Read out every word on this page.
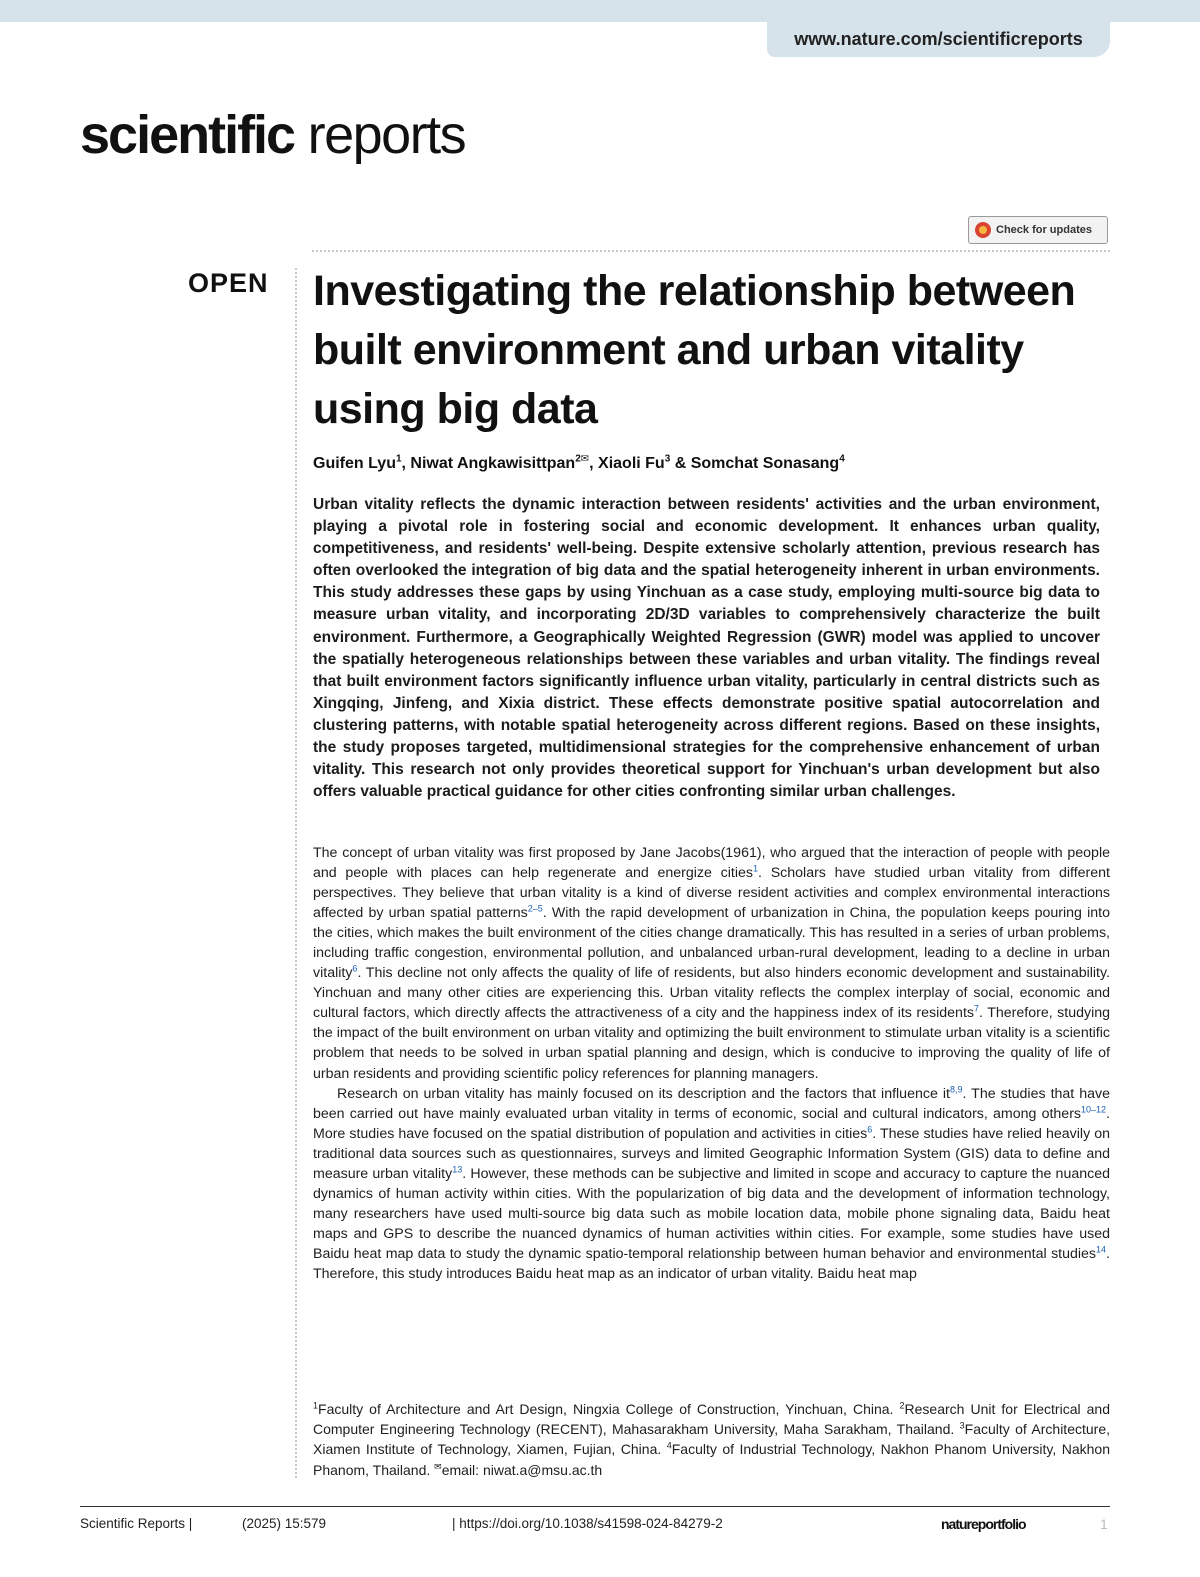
www.nature.com/scientificreports
scientific reports
Check for updates
OPEN Investigating the relationship between built environment and urban vitality using big data
Guifen Lyu$^1$, Niwat Angkawisittpan$^{2✉}$, Xiaoli Fu$^3$ & Somchat Sonasang$^4$

Urban vitality reflects the dynamic interaction between residents' activities and the urban environment, playing a pivotal role in fostering social and economic development. It enhances urban quality, competitiveness, and residents' well-being. Despite extensive scholarly attention, previous research has often overlooked the integration of big data and the spatial heterogeneity inherent in urban environments. This study addresses these gaps by using Yinchuan as a case study, employing multi-source big data to measure urban vitality, and incorporating 2D/3D variables to comprehensively characterize the built environment. Furthermore, a Geographically Weighted Regression (GWR) model was applied to uncover the spatially heterogeneous relationships between these variables and urban vitality. The findings reveal that built environment factors significantly influence urban vitality, particularly in central districts such as Xingqing, Jinfeng, and Xixia district. These effects demonstrate positive spatial autocorrelation and clustering patterns, with notable spatial heterogeneity across different regions. Based on these insights, the study proposes targeted, multidimensional strategies for the comprehensive enhancement of urban vitality. This research not only provides theoretical support for Yinchuan's urban development but also offers valuable practical guidance for other cities confronting similar urban challenges.

The concept of urban vitality was first proposed by Jane Jacobs(1961), who argued that the interaction of people with people and people with places can help regenerate and energize cities$^1$. Scholars have studied urban vitality from different perspectives. They believe that urban vitality is a kind of diverse resident activities and complex environmental interactions affected by urban spatial patterns$^{2-5}$. With the rapid development of urbanization in China, the population keeps pouring into the cities, which makes the built environment of the cities change dramatically. This has resulted in a series of urban problems, including traffic congestion, environmental pollution, and unbalanced urban-rural development, leading to a decline in urban vitality$^6$. This decline not only affects the quality of life of residents, but also hinders economic development and sustainability. Yinchuan and many other cities are experiencing this. Urban vitality reflects the complex interplay of social, economic and cultural factors, which directly affects the attractiveness of a city and the happiness index of its residents$^7$. Therefore, studying the impact of the built environment on urban vitality and optimizing the built environment to stimulate urban vitality is a scientific problem that needs to be solved in urban spatial planning and design, which is conducive to improving the quality of life of urban residents and providing scientific policy references for planning managers.

Research on urban vitality has mainly focused on its description and the factors that influence it$^{8,9}$. The studies that have been carried out have mainly evaluated urban vitality in terms of economic, social and cultural indicators, among others$^{10-12}$. More studies have focused on the spatial distribution of population and activities in cities$^6$. These studies have relied heavily on traditional data sources such as questionnaires, surveys and limited Geographic Information System (GIS) data to define and measure urban vitality$^{13}$. However, these methods can be subjective and limited in scope and accuracy to capture the nuanced dynamics of human activity within cities. With the popularization of big data and the development of information technology, many researchers have used multi-source big data such as mobile location data, mobile phone signaling data, Baidu heat maps and GPS to describe the nuanced dynamics of human activities within cities. For example, some studies have used Baidu heat map data to study the dynamic spatio-temporal relationship between human behavior and environmental studies$^{14}$. Therefore, this study introduces Baidu heat map as an indicator of urban vitality. Baidu heat map

$^1$Faculty of Architecture and Art Design, Ningxia College of Construction, Yinchuan, China. $^2$Research Unit for Electrical and Computer Engineering Technology (RECENT), Mahasarakham University, Maha Sarakham, Thailand. $^3$Faculty of Architecture, Xiamen Institute of Technology, Xiamen, Fujian, China. $^4$Faculty of Industrial Technology, Nakhon Phanom University, Nakhon Phanom, Thailand. ✉email: niwat.a@msu.ac.th
Scientific Reports |	(2025) 15:579	| https://doi.org/10.1038/s41598-024-84279-2	natureportfolio	1
